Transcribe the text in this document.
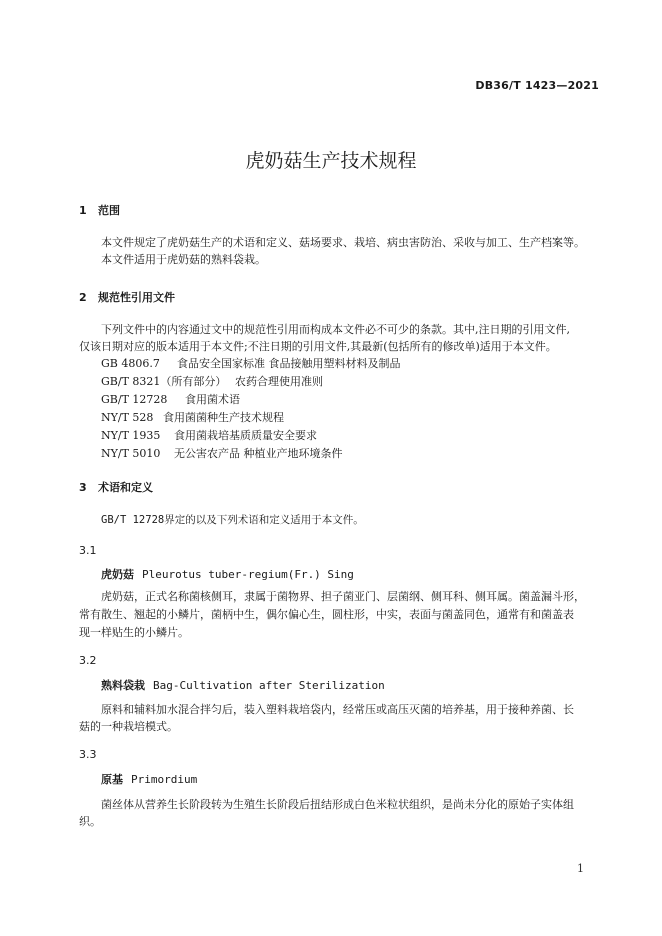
DB36/T 1423—2021
虎奶菇生产技术规程
1 范围
本文件规定了虎奶菇生产的术语和定义、菇场要求、栽培、病虫害防治、采收与加工、生产档案等。
本文件适用于虎奶菇的熟料袋栽。
2 规范性引用文件
下列文件中的内容通过文中的规范性引用而构成本文件必不可少的条款。其中,注日期的引用文件,
仅该日期对应的版本适用于本文件;不注日期的引用文件,其最新(包括所有的修改单)适用于本文件。
GB 4806.7 食品安全国家标准 食品接触用塑料材料及制品
GB/T 8321（所有部分） 农药合理使用准则
GB/T 12728 食用菌术语
NY/T 528 食用菌菌种生产技术规程
NY/T 1935 食用菌栽培基质质量安全要求
NY/T 5010 无公害农产品 种植业产地环境条件
3 术语和定义
GB/T 12728界定的以及下列术语和定义适用于本文件。
3.1
虎奶菇 Pleurotus tuber-regium(Fr.) Sing
虎奶菇，正式名称菌核侧耳，隶属于菌物界、担子菌亚门、层菌纲、侧耳科、侧耳属。菌盖漏斗形，
常有散生、翘起的小鳞片，菌柄中生，偶尔偏心生，圆柱形，中实，表面与菌盖同色，通常有和菌盖表
现一样贴生的小鳞片。
3.2
熟料袋栽 Bag-Cultivation after Sterilization
原料和辅料加水混合拌匀后，装入塑料栽培袋内，经常压或高压灭菌的培养基，用于接种养菌、长
菇的一种栽培模式。
3.3
原基 Primordium
菌丝体从营养生长阶段转为生殖生长阶段后扭结形成白色米粒状组织，是尚未分化的原始子实体组
织。
1
